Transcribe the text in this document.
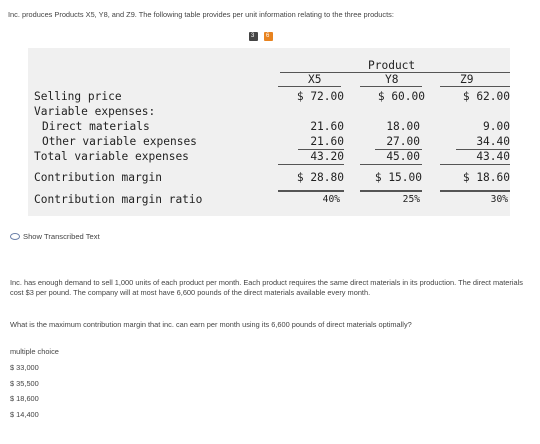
Inc. produces Products X5, Y8, and Z9. The following table provides per unit information relating to the three products:
3 6
Product
X5	Y8	Z9
Selling price	$ 72.00	$ 60.00	$ 62.00
Variable expenses:
Direct materials	21.60	18.00	9.00
Other variable expenses	21.60	27.00	34.40
Total variable expenses	43.20	45.00	43.40
Contribution margin	$ 28.80	$ 15.00	$ 18.60
Contribution margin ratio	40%	25%	30%
Show Transcribed Text
Inc. has enough demand to sell 1,000 units of each product per month. Each product requires the same direct materials in its production. The direct materials cost $3 per pound. The company will at most have 6,600 pounds of the direct materials available every month.
What is the maximum contribution margin that inc. can earn per month using its 6,600 pounds of direct materials optimally?
multiple choice
$ 33,000
$ 35,500
$ 18,600
$ 14,400
